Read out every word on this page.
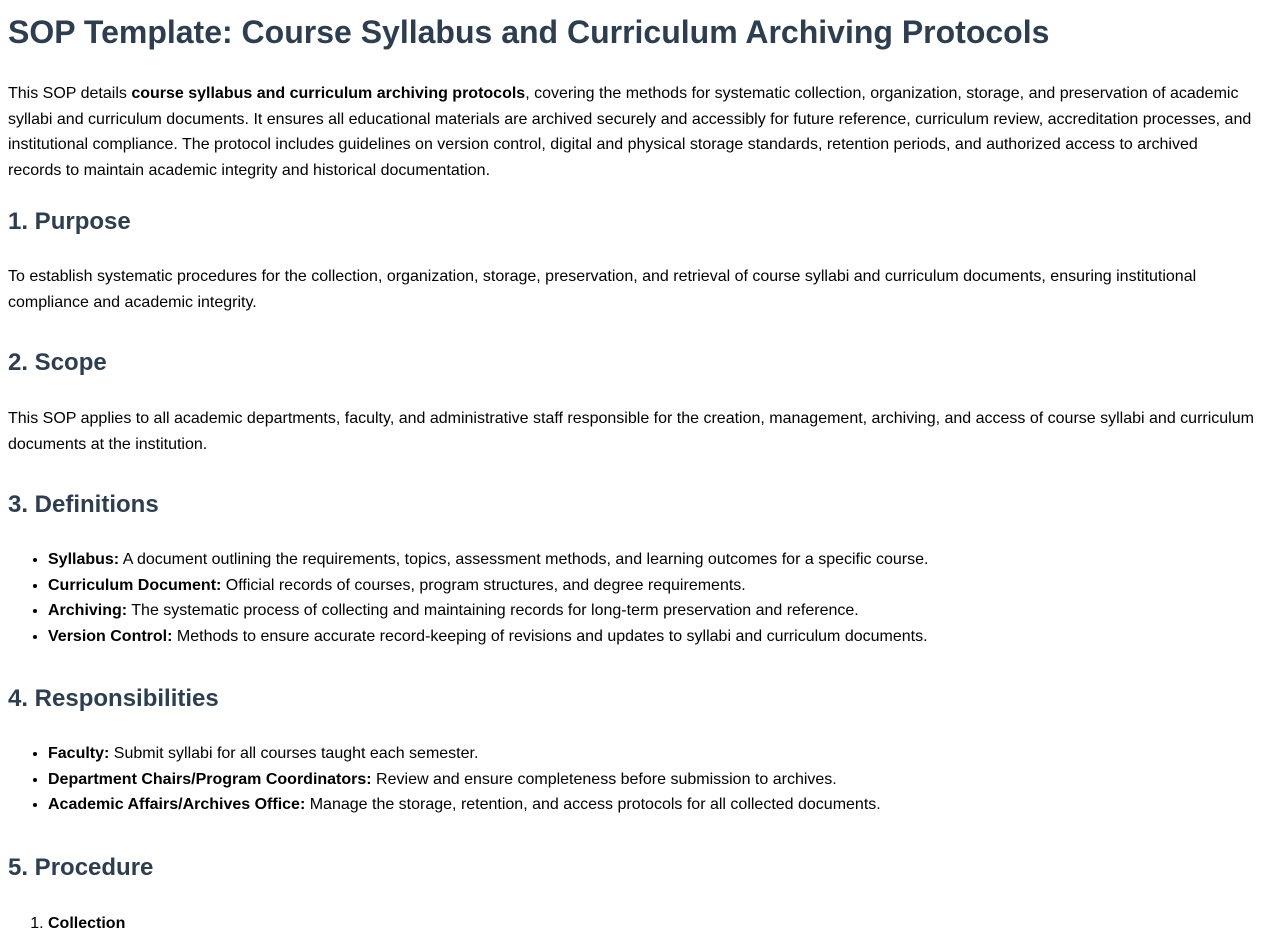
SOP Template: Course Syllabus and Curriculum Archiving Protocols

This SOP details course syllabus and curriculum archiving protocols, covering the methods for systematic collection, organization, storage, and preservation of academic syllabi and curriculum documents. It ensures all educational materials are archived securely and accessibly for future reference, curriculum review, accreditation processes, and institutional compliance. The protocol includes guidelines on version control, digital and physical storage standards, retention periods, and authorized access to archived records to maintain academic integrity and historical documentation.

1. Purpose

To establish systematic procedures for the collection, organization, storage, preservation, and retrieval of course syllabi and curriculum documents, ensuring institutional compliance and academic integrity.

2. Scope

This SOP applies to all academic departments, faculty, and administrative staff responsible for the creation, management, archiving, and access of course syllabi and curriculum documents at the institution.

3. Definitions
• Syllabus: A document outlining the requirements, topics, assessment methods, and learning outcomes for a specific course.
• Curriculum Document: Official records of courses, program structures, and degree requirements.
• Archiving: The systematic process of collecting and maintaining records for long-term preservation and reference.
• Version Control: Methods to ensure accurate record-keeping of revisions and updates to syllabi and curriculum documents.
4. Responsibilities
• Faculty: Submit syllabi for all courses taught each semester.
• Department Chairs/Program Coordinators: Review and ensure completeness before submission to archives.
• Academic Affairs/Archives Office: Manage the storage, retention, and access protocols for all collected documents.
5. Procedure
1. Collection
